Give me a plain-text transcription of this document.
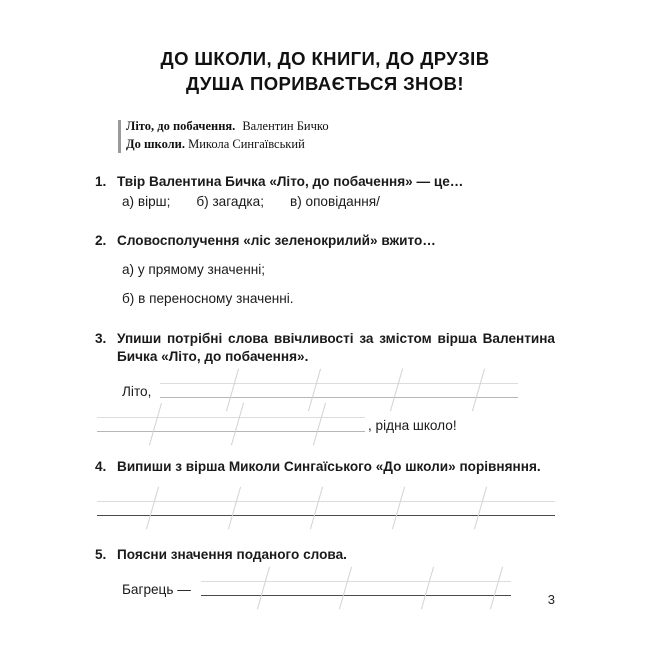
ДО ШКОЛИ, ДО КНИГИ, ДО ДРУЗІВ
ДУША ПОРИВАЄТЬСЯ ЗНОВ!
Літо, до побачення. Валентин Бичко
До школи. Микола Сингаївський
1. Твір Валентина Бичка «Літо, до побачення» — це…
а) вірш; б) загадка; в) оповідання/
2. Словосполучення «ліс зеленокрилий» вжито…
а) у прямому значенні;
б) в переносному значенні.
3. Упиши потрібні слова ввічливості за змістом вірша Валентина Бичка «Літо, до побачення».
Літо,
, рідна школо!
4. Випиши з вірша Миколи Сингаїського «До школи» порівняння.
5. Поясни значення поданого слова.
Багрець —
3
